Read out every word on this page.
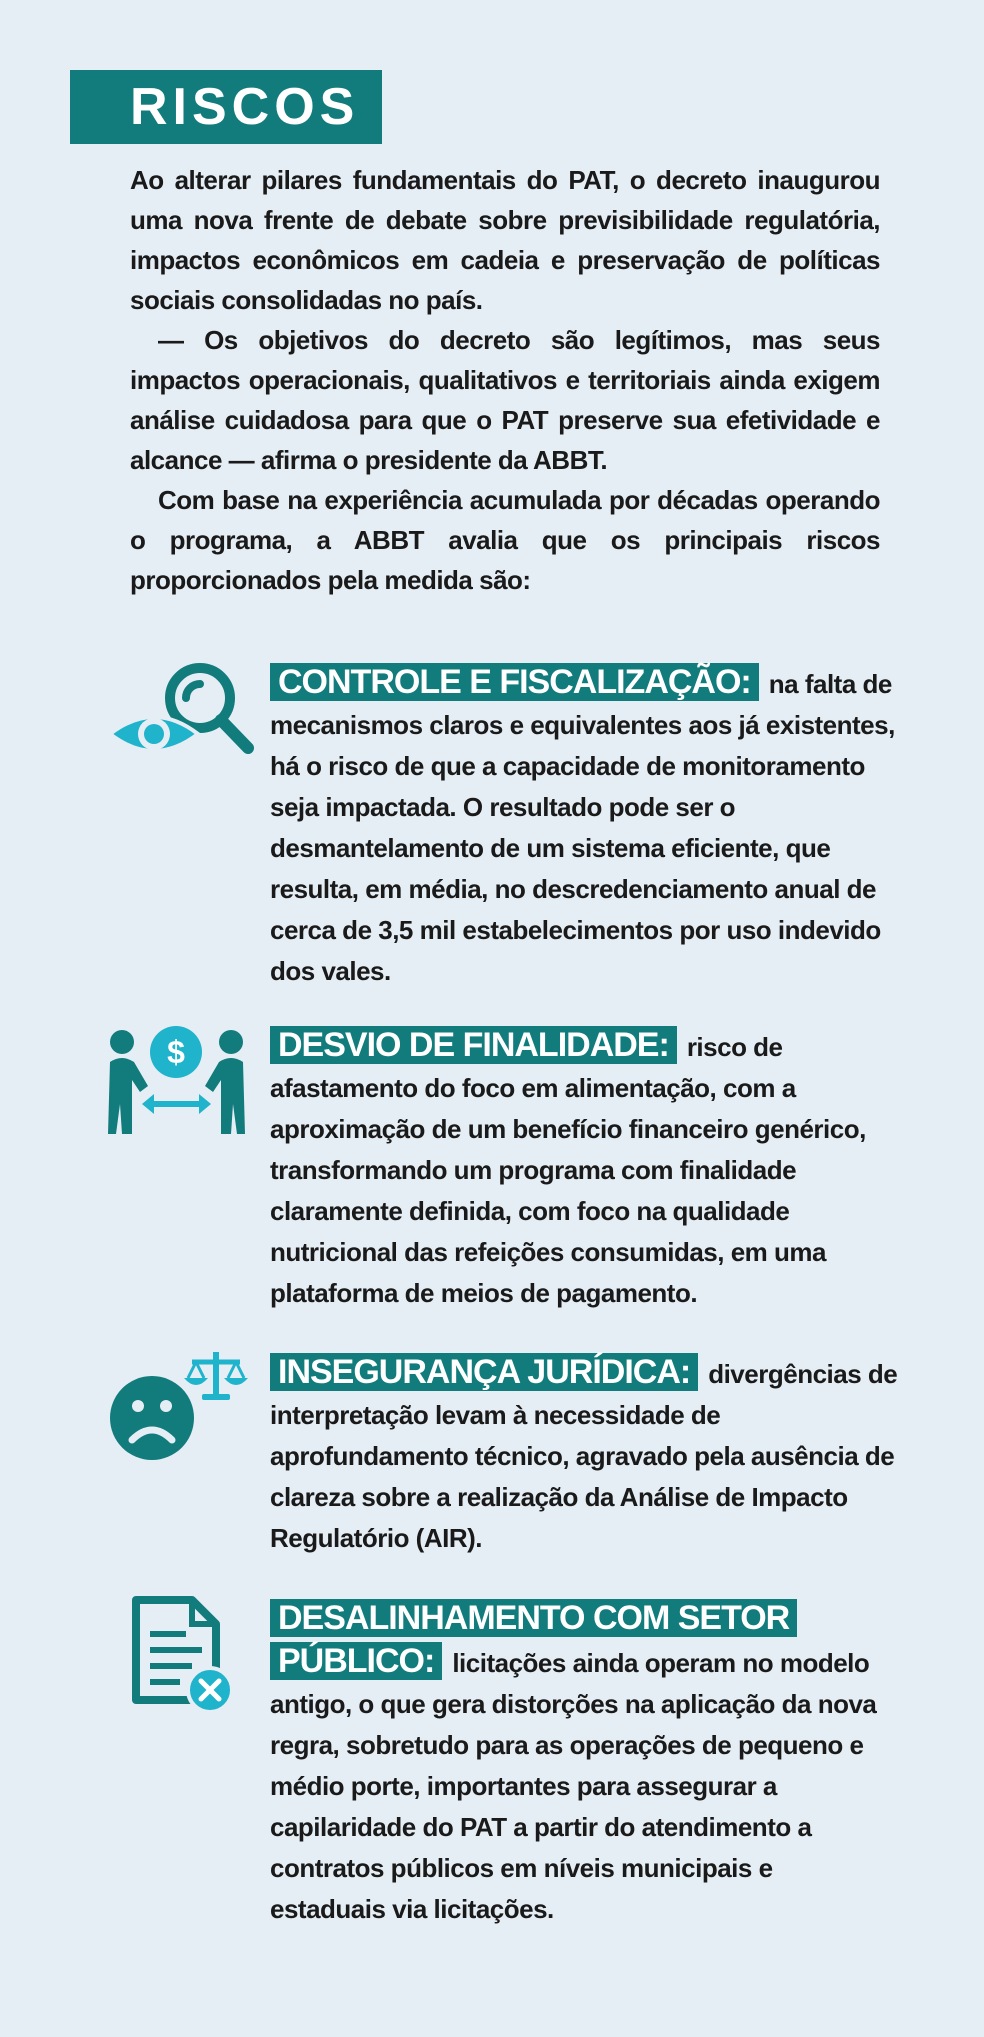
RISCOS

Ao alterar pilares fundamentais do PAT, o decreto inaugurou uma nova frente de debate sobre previsibilidade regulatória, impactos econômicos em cadeia e preservação de políticas sociais consolidadas no país.

— Os objetivos do decreto são legítimos, mas seus impactos operacionais, qualitativos e territoriais ainda exigem análise cuidadosa para que o PAT preserve sua efetividade e alcance — afirma o presidente da ABBT.

Com base na experiência acumulada por décadas operando o programa, a ABBT avalia que os principais riscos proporcionados pela medida são:

CONTROLE E FISCALIZAÇÃO: na falta de mecanismos claros e equivalentes aos já existentes, há o risco de que a capacidade de monitoramento seja impactada. O resultado pode ser o desmantelamento de um sistema eficiente, que resulta, em média, no descredenciamento anual de cerca de 3,5 mil estabelecimentos por uso indevido dos vales.
$	DESVIO DE FINALIDADE: risco de afastamento do foco em alimentação, com a aproximação de um benefício financeiro genérico, transformando um programa com finalidade claramente definida, com foco na qualidade nutricional das refeições consumidas, em uma plataforma de meios de pagamento.
INSEGURANÇA JURÍDICA: divergências de interpretação levam à necessidade de aprofundamento técnico, agravado pela ausência de clareza sobre a realização da Análise de Impacto Regulatório (AIR).
DESALINHAMENTO COM SETOR PÚBLICO: licitações ainda operam no modelo antigo, o que gera distorções na aplicação da nova regra, sobretudo para as operações de pequeno e médio porte, importantes para assegurar a capilaridade do PAT a partir do atendimento a contratos públicos em níveis municipais e estaduais via licitações.
